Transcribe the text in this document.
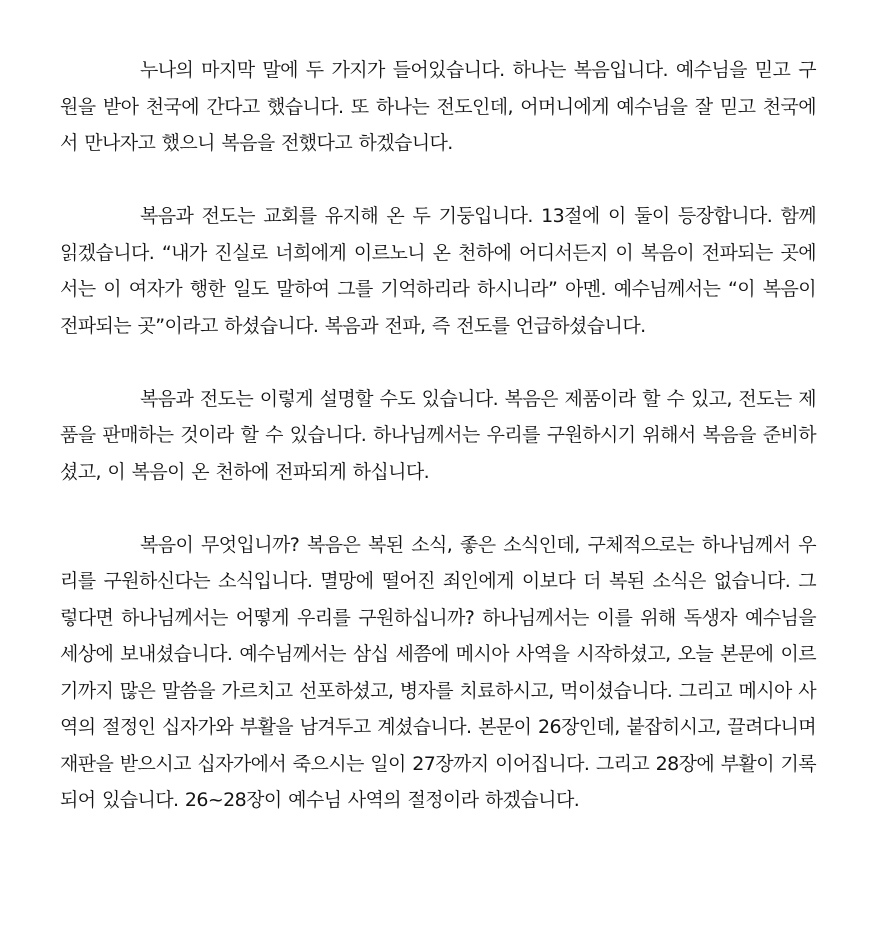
누나의 마지막 말에 두 가지가 들어있습니다. 하나는 복음입니다. 예수님을 믿고 구원을 받아 천국에 간다고 했습니다. 또 하나는 전도인데, 어머니에게 예수님을 잘 믿고 천국에서 만나자고 했으니 복음을 전했다고 하겠습니다.

복음과 전도는 교회를 유지해 온 두 기둥입니다. 13절에 이 둘이 등장합니다. 함께 읽겠습니다. “내가 진실로 너희에게 이르노니 온 천하에 어디서든지 이 복음이 전파되는 곳에서는 이 여자가 행한 일도 말하여 그를 기억하리라 하시니라” 아멘. 예수님께서는 “이 복음이 전파되는 곳”이라고 하셨습니다. 복음과 전파, 즉 전도를 언급하셨습니다.

복음과 전도는 이렇게 설명할 수도 있습니다. 복음은 제품이라 할 수 있고, 전도는 제품을 판매하는 것이라 할 수 있습니다. 하나님께서는 우리를 구원하시기 위해서 복음을 준비하셨고, 이 복음이 온 천하에 전파되게 하십니다.

복음이 무엇입니까? 복음은 복된 소식, 좋은 소식인데, 구체적으로는 하나님께서 우리를 구원하신다는 소식입니다. 멸망에 떨어진 죄인에게 이보다 더 복된 소식은 없습니다. 그렇다면 하나님께서는 어떻게 우리를 구원하십니까? 하나님께서는 이를 위해 독생자 예수님을 세상에 보내셨습니다. 예수님께서는 삼십 세쯤에 메시아 사역을 시작하셨고, 오늘 본문에 이르기까지 많은 말씀을 가르치고 선포하셨고, 병자를 치료하시고, 먹이셨습니다. 그리고 메시아 사역의 절정인 십자가와 부활을 남겨두고 계셨습니다. 본문이 26장인데, 붙잡히시고, 끌려다니며 재판을 받으시고 십자가에서 죽으시는 일이 27장까지 이어집니다. 그리고 28장에 부활이 기록되어 있습니다. 26~28장이 예수님 사역의 절정이라 하겠습니다.
